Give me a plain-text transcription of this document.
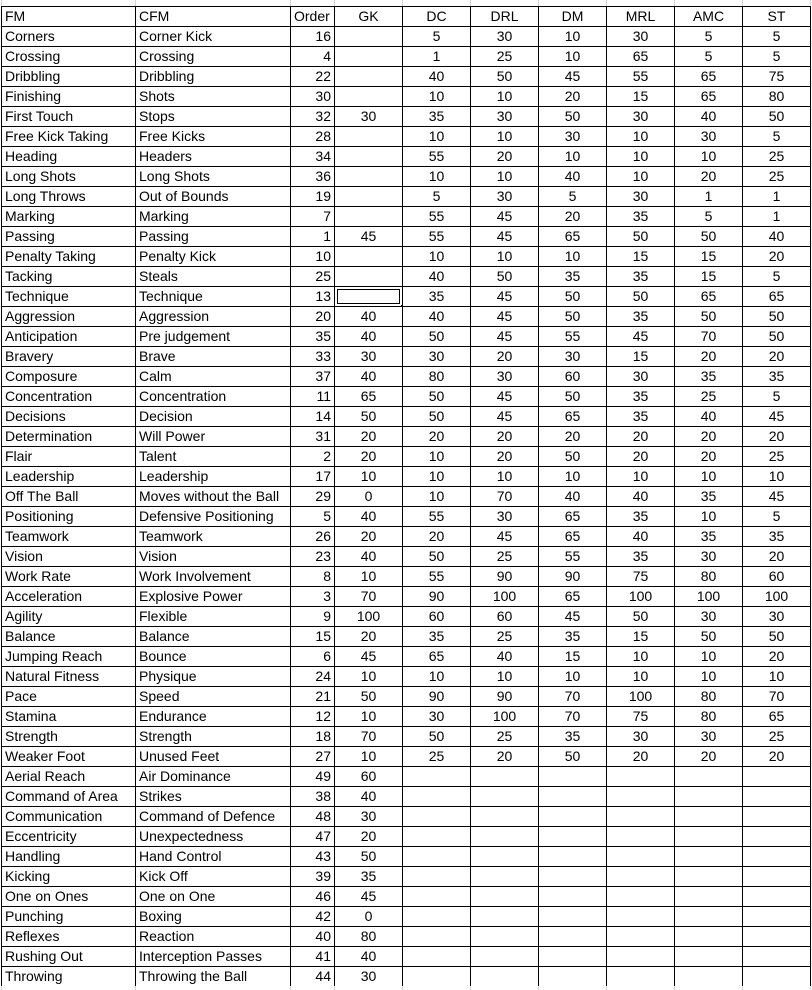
FM	CFM	Order	GK	DC	DRL	DM	MRL	AMC	ST
Corners	Corner Kick	16		5	30	10	30	5	5
Crossing	Crossing	4		1	25	10	65	5	5
Dribbling	Dribbling	22		40	50	45	55	65	75
Finishing	Shots	30		10	10	20	15	65	80
First Touch	Stops	32	30	35	30	50	30	40	50
Free Kick Taking	Free Kicks	28		10	10	30	10	30	5
Heading	Headers	34		55	20	10	10	10	25
Long Shots	Long Shots	36		10	10	40	10	20	25
Long Throws	Out of Bounds	19		5	30	5	30	1	1
Marking	Marking	7		55	45	20	35	5	1
Passing	Passing	1	45	55	45	65	50	50	40
Penalty Taking	Penalty Kick	10		10	10	10	15	15	20
Tacking	Steals	25		40	50	35	35	15	5
Technique	Technique	13		35	45	50	50	65	65
Aggression	Aggression	20	40	40	45	50	35	50	50
Anticipation	Pre judgement	35	40	50	45	55	45	70	50
Bravery	Brave	33	30	30	20	30	15	20	20
Composure	Calm	37	40	80	30	60	30	35	35
Concentration	Concentration	11	65	50	45	50	35	25	5
Decisions	Decision	14	50	50	45	65	35	40	45
Determination	Will Power	31	20	20	20	20	20	20	20
Flair	Talent	2	20	10	20	50	20	20	25
Leadership	Leadership	17	10	10	10	10	10	10	10
Off The Ball	Moves without the Ball	29	0	10	70	40	40	35	45
Positioning	Defensive Positioning	5	40	55	30	65	35	10	5
Teamwork	Teamwork	26	20	20	45	65	40	35	35
Vision	Vision	23	40	50	25	55	35	30	20
Work Rate	Work Involvement	8	10	55	90	90	75	80	60
Acceleration	Explosive Power	3	70	90	100	65	100	100	100
Agility	Flexible	9	100	60	60	45	50	30	30
Balance	Balance	15	20	35	25	35	15	50	50
Jumping Reach	Bounce	6	45	65	40	15	10	10	20
Natural Fitness	Physique	24	10	10	10	10	10	10	10
Pace	Speed	21	50	90	90	70	100	80	70
Stamina	Endurance	12	10	30	100	70	75	80	65
Strength	Strength	18	70	50	25	35	30	30	25
Weaker Foot	Unused Feet	27	10	25	20	50	20	20	20
Aerial Reach	Air Dominance	49	60						
Command of Area	Strikes	38	40						
Communication	Command of Defence	48	30						
Eccentricity	Unexpectedness	47	20						
Handling	Hand Control	43	50						
Kicking	Kick Off	39	35						
One on Ones	One on One	46	45						
Punching	Boxing	42	0						
Reflexes	Reaction	40	80						
Rushing Out	Interception Passes	41	40						
Throwing	Throwing the Ball	44	30						
